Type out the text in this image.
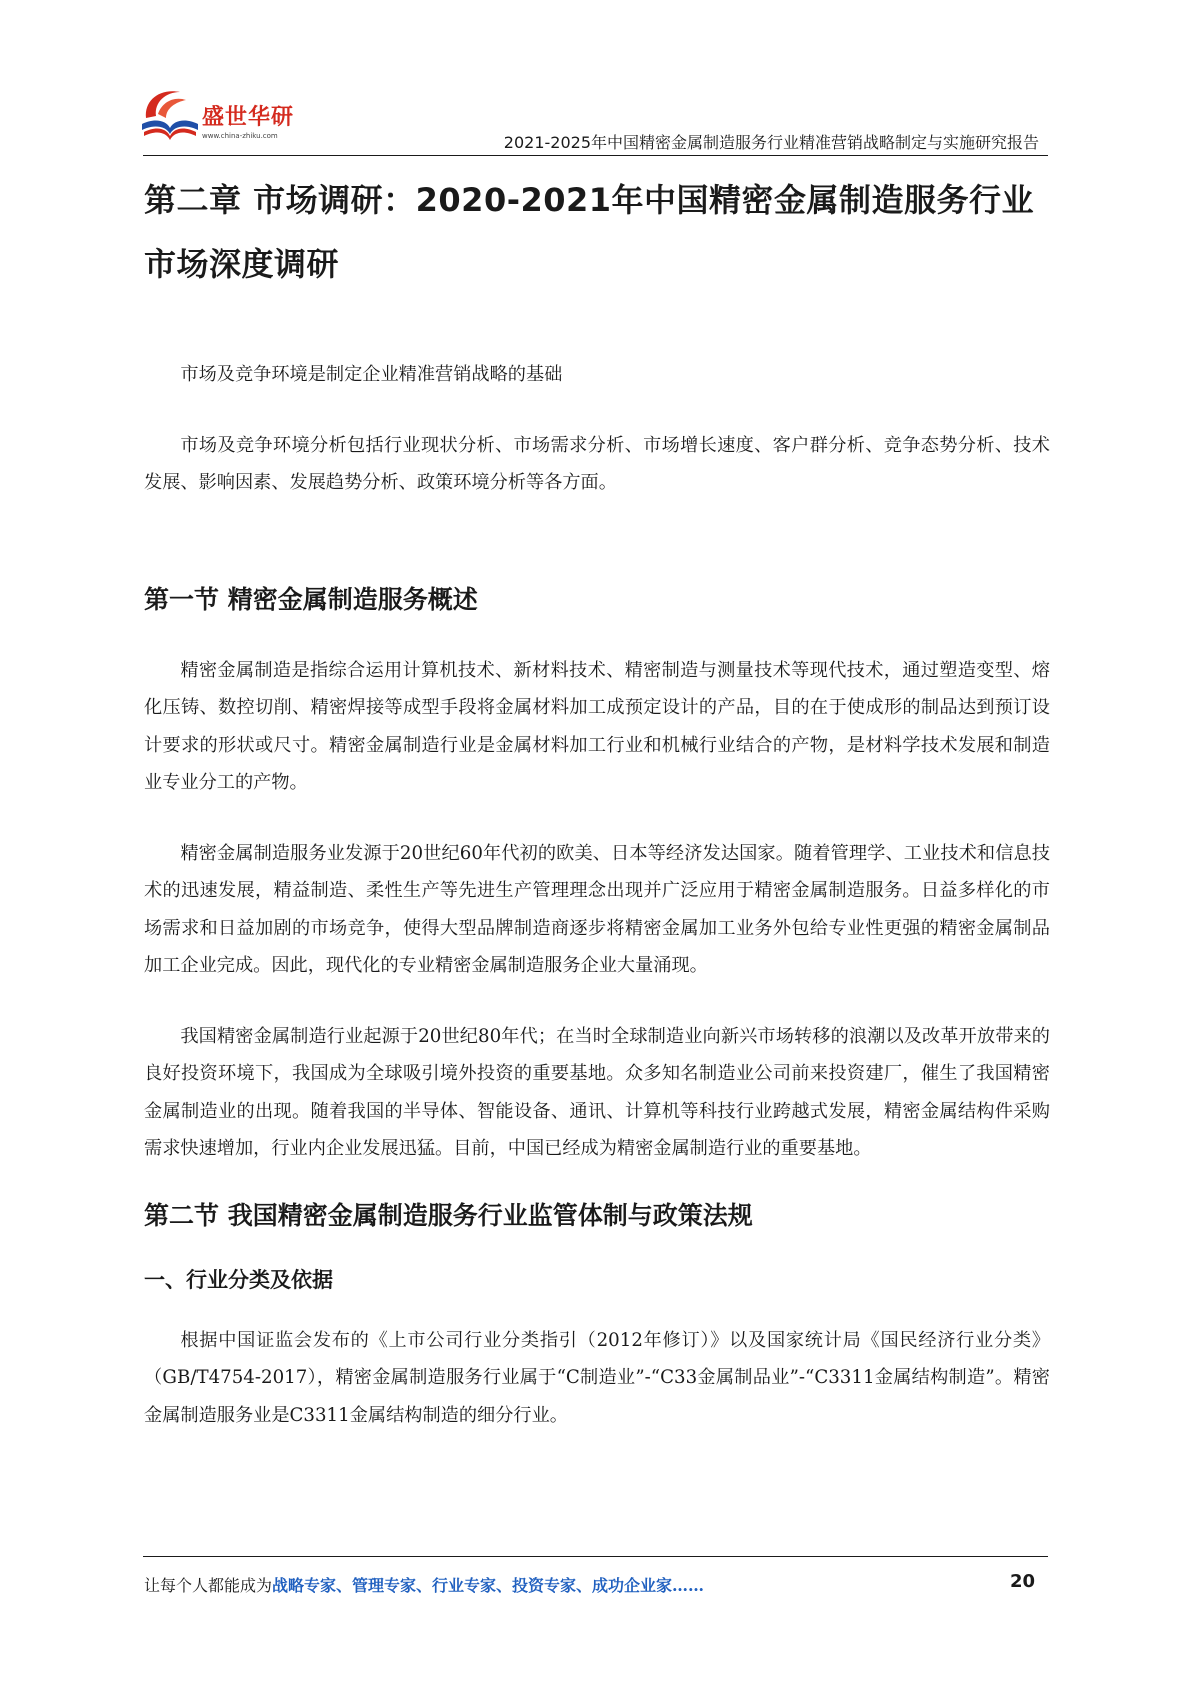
盛世华研
www.china-zhiku.com	2021-2025年中国精密金属制造服务行业精准营销战略制定与实施研究报告
第二章 市场调研：2020-2021年中国精密金属制造服务行业市场深度调研

市场及竞争环境是制定企业精准营销战略的基础

市场及竞争环境分析包括行业现状分析、市场需求分析、市场增长速度、客户群分析、竞争态势分析、技术发展、影响因素、发展趋势分析、政策环境分析等各方面。

第一节 精密金属制造服务概述

精密金属制造是指综合运用计算机技术、新材料技术、精密制造与测量技术等现代技术，通过塑造变型、熔化压铸、数控切削、精密焊接等成型手段将金属材料加工成预定设计的产品，目的在于使成形的制品达到预订设计要求的形状或尺寸。精密金属制造行业是金属材料加工行业和机械行业结合的产物，是材料学技术发展和制造业专业分工的产物。

精密金属制造服务业发源于20世纪60年代初的欧美、日本等经济发达国家。随着管理学、工业技术和信息技术的迅速发展，精益制造、柔性生产等先进生产管理理念出现并广泛应用于精密金属制造服务。日益多样化的市场需求和日益加剧的市场竞争，使得大型品牌制造商逐步将精密金属加工业务外包给专业性更强的精密金属制品加工企业完成。因此，现代化的专业精密金属制造服务企业大量涌现。

我国精密金属制造行业起源于20世纪80年代；在当时全球制造业向新兴市场转移的浪潮以及改革开放带来的良好投资环境下，我国成为全球吸引境外投资的重要基地。众多知名制造业公司前来投资建厂，催生了我国精密金属制造业的出现。随着我国的半导体、智能设备、通讯、计算机等科技行业跨越式发展，精密金属结构件采购需求快速增加，行业内企业发展迅猛。目前，中国已经成为精密金属制造行业的重要基地。

第二节 我国精密金属制造服务行业监管体制与政策法规
一、行业分类及依据

根据中国证监会发布的《上市公司行业分类指引（2012年修订）》以及国家统计局《国民经济行业分类》（GB/T4754-2017），精密金属制造服务行业属于“C制造业”-“C33金属制品业”-“C3311金属结构制造”。精密金属制造服务业是C3311金属结构制造的细分行业。

让每个人都能成为战略专家、管理专家、行业专家、投资专家、成功企业家……	20
